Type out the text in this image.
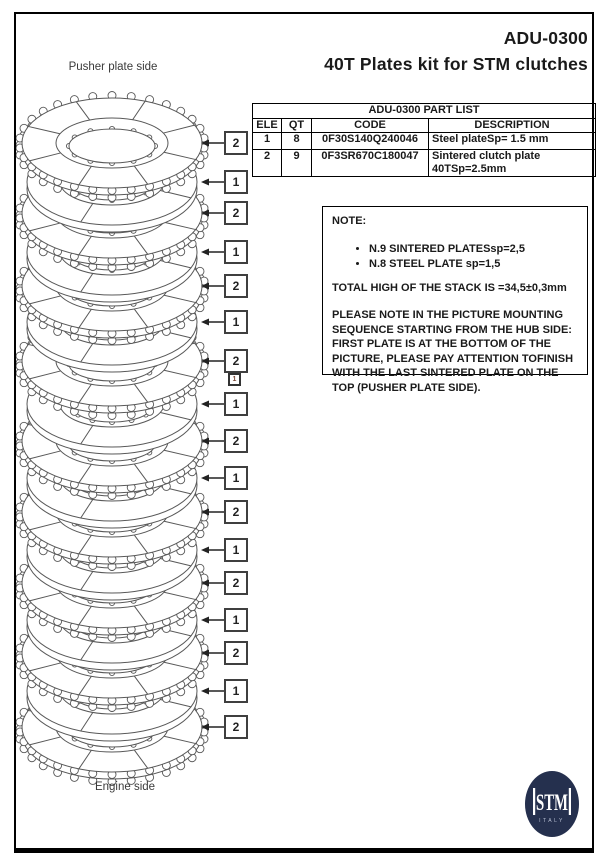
ADU-0300
40T Plates kit for STM clutches
Pusher plate side
Engine side
2
1
2
1
2
1
2
1
2
1
2
1
2
1
2
1
2
1
ADU-0300 PART LIST			
ELE	QT	CODE	DESCRIPTION
1	8	0F30S140Q240046	Steel plateSp= 1.5 mm
2	9	0F3SR670C180047	Sintered clutch plate 40TSp=2.5mm

NOTE:

• N.9 SINTERED PLATESsp=2,5
• N.8 STEEL PLATE sp=1,5

TOTAL HIGH OF THE STACK IS =34,5±0,3mm

PLEASE NOTE IN THE PICTURE MOUNTING SEQUENCE STARTING FROM THE HUB SIDE: FIRST PLATE IS AT THE BOTTOM OF THE PICTURE, PLEASE PAY ATTENTION TOFINISH WITH THE LAST SINTERED PLATE ON THE TOP (PUSHER PLATE SIDE).

STM
ITALY
